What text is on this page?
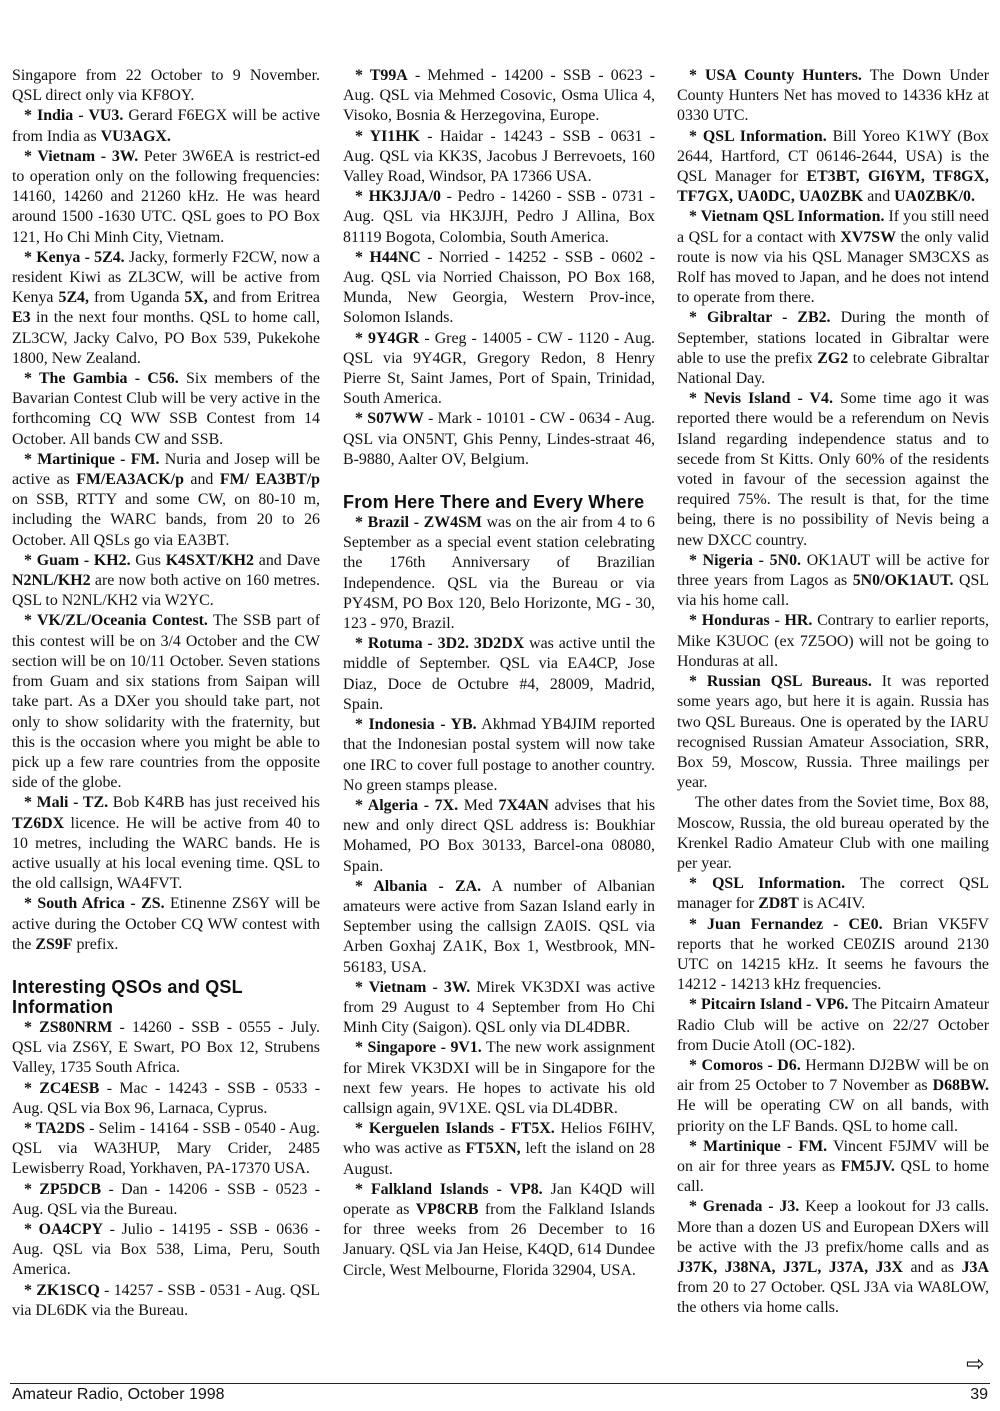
Singapore from 22 October to 9 November. QSL direct only via KF8OY.

* India - VU3. Gerard F6EGX will be active from India as VU3AGX.

* Vietnam - 3W. Peter 3W6EA is restrict-ed to operation only on the following frequencies: 14160, 14260 and 21260 kHz. He was heard around 1500 -1630 UTC. QSL goes to PO Box 121, Ho Chi Minh City, Vietnam.

* Kenya - 5Z4. Jacky, formerly F2CW, now a resident Kiwi as ZL3CW, will be active from Kenya 5Z4, from Uganda 5X, and from Eritrea E3 in the next four months. QSL to home call, ZL3CW, Jacky Calvo, PO Box 539, Pukekohe 1800, New Zealand.

* The Gambia - C56. Six members of the Bavarian Contest Club will be very active in the forthcoming CQ WW SSB Contest from 14 October. All bands CW and SSB.

* Martinique - FM. Nuria and Josep will be active as FM/EA3ACK/p and FM/ EA3BT/p on SSB, RTTY and some CW, on 80-10 m, including the WARC bands, from 20 to 26 October. All QSLs go via EA3BT.

* Guam - KH2. Gus K4SXT/KH2 and Dave N2NL/KH2 are now both active on 160 metres. QSL to N2NL/KH2 via W2YC.

* VK/ZL/Oceania Contest. The SSB part of this contest will be on 3/4 October and the CW section will be on 10/11 October. Seven stations from Guam and six stations from Saipan will take part. As a DXer you should take part, not only to show solidarity with the fraternity, but this is the occasion where you might be able to pick up a few rare countries from the opposite side of the globe.

* Mali - TZ. Bob K4RB has just received his TZ6DX licence. He will be active from 40 to 10 metres, including the WARC bands. He is active usually at his local evening time. QSL to the old callsign, WA4FVT.

* South Africa - ZS. Etinenne ZS6Y will be active during the October CQ WW contest with the ZS9F prefix.

Interesting QSOs and QSL Information

* ZS80NRM - 14260 - SSB - 0555 - July. QSL via ZS6Y, E Swart, PO Box 12, Strubens Valley, 1735 South Africa.

* ZC4ESB - Mac - 14243 - SSB - 0533 - Aug. QSL via Box 96, Larnaca, Cyprus.

* TA2DS - Selim - 14164 - SSB - 0540 - Aug. QSL via WA3HUP, Mary Crider, 2485 Lewisberry Road, Yorkhaven, PA-17370 USA.

* ZP5DCB - Dan - 14206 - SSB - 0523 - Aug. QSL via the Bureau.

* OA4CPY - Julio - 14195 - SSB - 0636 - Aug. QSL via Box 538, Lima, Peru, South America.

* ZK1SCQ - 14257 - SSB - 0531 - Aug. QSL via DL6DK via the Bureau.

* T99A - Mehmed - 14200 - SSB - 0623 - Aug. QSL via Mehmed Cosovic, Osma Ulica 4, Visoko, Bosnia & Herzegovina, Europe.

* YI1HK - Haidar - 14243 - SSB - 0631 - Aug. QSL via KK3S, Jacobus J Berrevoets, 160 Valley Road, Windsor, PA 17366 USA.

* HK3JJA/0 - Pedro - 14260 - SSB - 0731 - Aug. QSL via HK3JJH, Pedro J Allina, Box 81119 Bogota, Colombia, South America.

* H44NC - Norried - 14252 - SSB - 0602 - Aug. QSL via Norried Chaisson, PO Box 168, Munda, New Georgia, Western Prov-ince, Solomon Islands.

* 9Y4GR - Greg - 14005 - CW - 1120 - Aug. QSL via 9Y4GR, Gregory Redon, 8 Henry Pierre St, Saint James, Port of Spain, Trinidad, South America.

* S07WW - Mark - 10101 - CW - 0634 - Aug. QSL via ON5NT, Ghis Penny, Lindes-straat 46, B-9880, Aalter OV, Belgium.

From Here There and Every Where

* Brazil - ZW4SM was on the air from 4 to 6 September as a special event station celebrating the 176th Anniversary of Brazilian Independence. QSL via the Bureau or via PY4SM, PO Box 120, Belo Horizonte, MG - 30, 123 - 970, Brazil.

* Rotuma - 3D2. 3D2DX was active until the middle of September. QSL via EA4CP, Jose Diaz, Doce de Octubre #4, 28009, Madrid, Spain.

* Indonesia - YB. Akhmad YB4JIM reported that the Indonesian postal system will now take one IRC to cover full postage to another country. No green stamps please.

* Algeria - 7X. Med 7X4AN advises that his new and only direct QSL address is: Boukhiar Mohamed, PO Box 30133, Barcel-ona 08080, Spain.

* Albania - ZA. A number of Albanian amateurs were active from Sazan Island early in September using the callsign ZA0IS. QSL via Arben Goxhaj ZA1K, Box 1, Westbrook, MN-56183, USA.

* Vietnam - 3W. Mirek VK3DXI was active from 29 August to 4 September from Ho Chi Minh City (Saigon). QSL only via DL4DBR.

* Singapore - 9V1. The new work assignment for Mirek VK3DXI will be in Singapore for the next few years. He hopes to activate his old callsign again, 9V1XE. QSL via DL4DBR.

* Kerguelen Islands - FT5X. Helios F6IHV, who was active as FT5XN, left the island on 28 August.

* Falkland Islands - VP8. Jan K4QD will operate as VP8CRB from the Falkland Islands for three weeks from 26 December to 16 January. QSL via Jan Heise, K4QD, 614 Dundee Circle, West Melbourne, Florida 32904, USA.

* USA County Hunters. The Down Under County Hunters Net has moved to 14336 kHz at 0330 UTC.

* QSL Information. Bill Yoreo K1WY (Box 2644, Hartford, CT 06146-2644, USA) is the QSL Manager for ET3BT, GI6YM, TF8GX, TF7GX, UA0DC, UA0ZBK and UA0ZBK/0.

* Vietnam QSL Information. If you still need a QSL for a contact with XV7SW the only valid route is now via his QSL Manager SM3CXS as Rolf has moved to Japan, and he does not intend to operate from there.

* Gibraltar - ZB2. During the month of September, stations located in Gibraltar were able to use the prefix ZG2 to celebrate Gibraltar National Day.

* Nevis Island - V4. Some time ago it was reported there would be a referendum on Nevis Island regarding independence status and to secede from St Kitts. Only 60% of the residents voted in favour of the secession against the required 75%. The result is that, for the time being, there is no possibility of Nevis being a new DXCC country.

* Nigeria - 5N0. OK1AUT will be active for three years from Lagos as 5N0/OK1AUT. QSL via his home call.

* Honduras - HR. Contrary to earlier reports, Mike K3UOC (ex 7Z5OO) will not be going to Honduras at all.

* Russian QSL Bureaus. It was reported some years ago, but here it is again. Russia has two QSL Bureaus. One is operated by the IARU recognised Russian Amateur Association, SRR, Box 59, Moscow, Russia. Three mailings per year.

The other dates from the Soviet time, Box 88, Moscow, Russia, the old bureau operated by the Krenkel Radio Amateur Club with one mailing per year.

* QSL Information. The correct QSL manager for ZD8T is AC4IV.

* Juan Fernandez - CE0. Brian VK5FV reports that he worked CE0ZIS around 2130 UTC on 14215 kHz. It seems he favours the 14212 - 14213 kHz frequencies.

* Pitcairn Island - VP6. The Pitcairn Amateur Radio Club will be active on 22/27 October from Ducie Atoll (OC-182).

* Comoros - D6. Hermann DJ2BW will be on air from 25 October to 7 November as D68BW. He will be operating CW on all bands, with priority on the LF Bands. QSL to home call.

* Martinique - FM. Vincent F5JMV will be on air for three years as FM5JV. QSL to home call.

* Grenada - J3. Keep a lookout for J3 calls. More than a dozen US and European DXers will be active with the J3 prefix/home calls and as J37K, J38NA, J37L, J37A, J3X and as J3A from 20 to 27 October. QSL J3A via WA8LOW, the others via home calls.

⇨
Amateur Radio, October 1998	39
